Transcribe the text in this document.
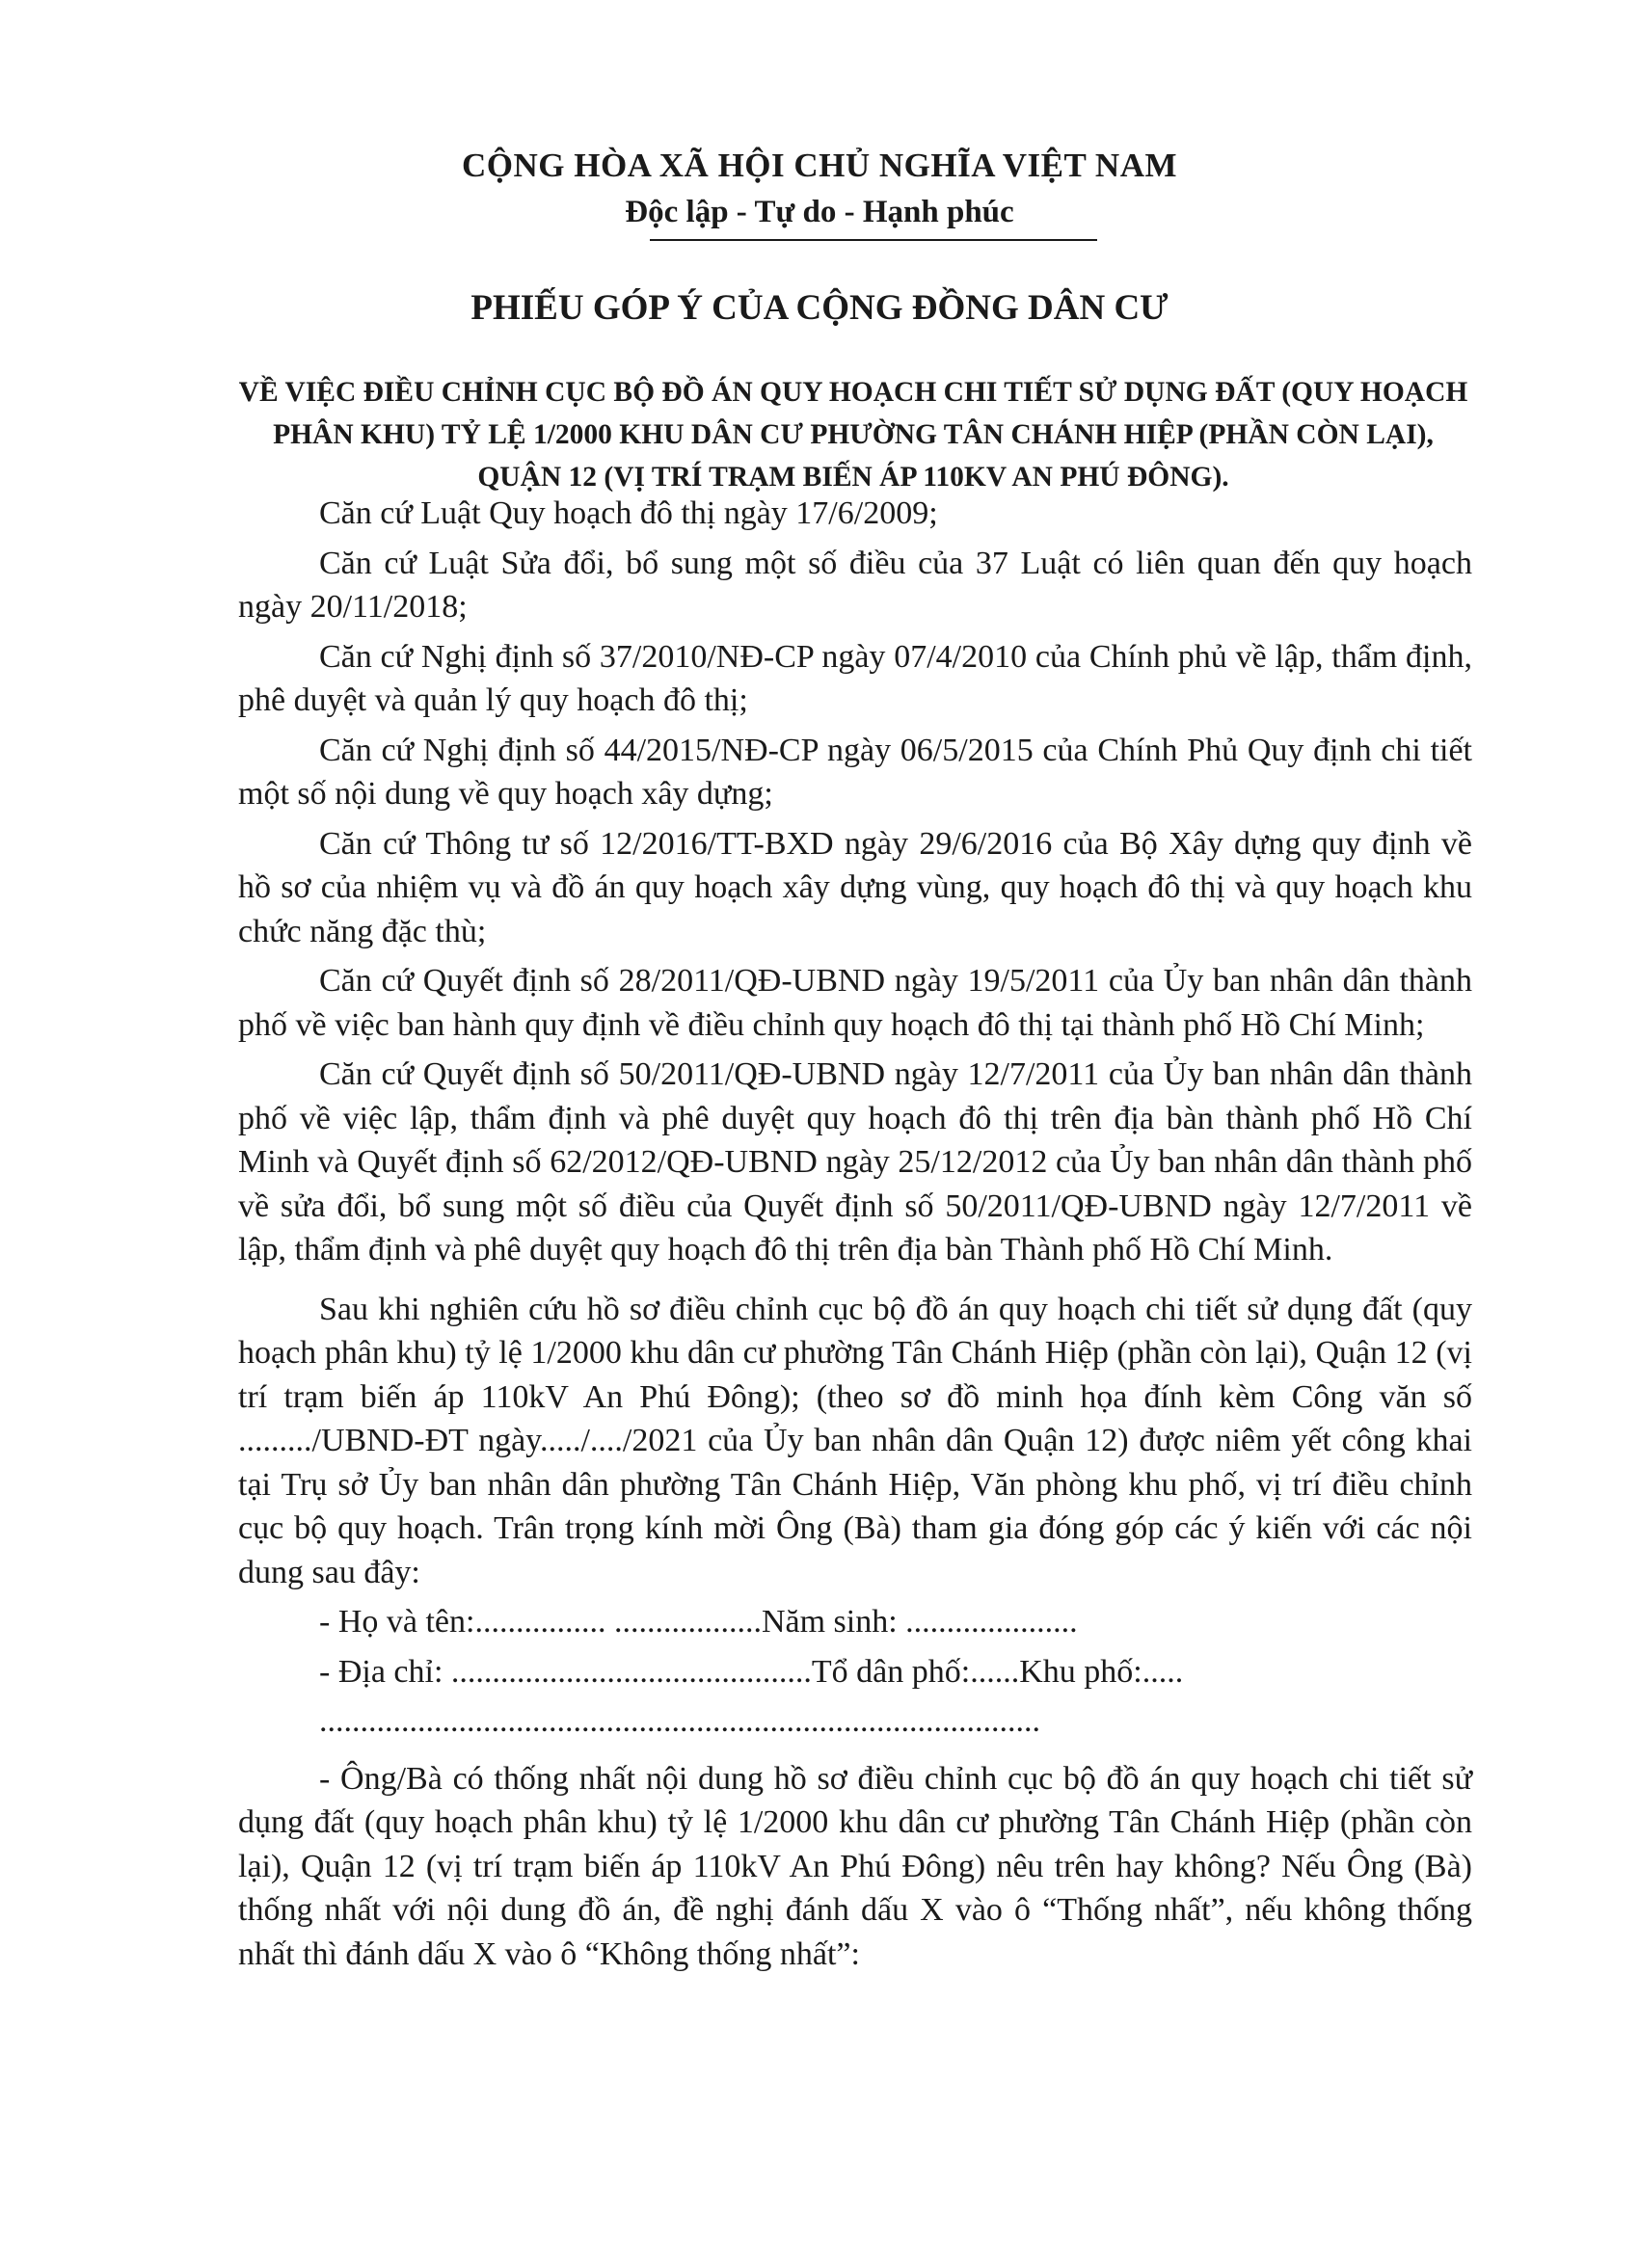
CỘNG HÒA XÃ HỘI CHỦ NGHĨA VIỆT NAM
Độc lập - Tự do - Hạnh phúc
PHIẾU GÓP Ý CỦA CỘNG ĐỒNG DÂN CƯ
VỀ VIỆC ĐIỀU CHỈNH CỤC BỘ ĐỒ ÁN QUY HOẠCH CHI TIẾT SỬ DỤNG ĐẤT (QUY HOẠCH PHÂN KHU) TỶ LỆ 1/2000 KHU DÂN CƯ PHƯỜNG TÂN CHÁNH HIỆP (PHẦN CÒN LẠI), QUẬN 12 (VỊ TRÍ TRẠM BIẾN ÁP 110KV AN PHÚ ĐÔNG).

Căn cứ Luật Quy hoạch đô thị ngày 17/6/2009;

Căn cứ Luật Sửa đổi, bổ sung một số điều của 37 Luật có liên quan đến quy hoạch ngày 20/11/2018;

Căn cứ Nghị định số 37/2010/NĐ-CP ngày 07/4/2010 của Chính phủ về lập, thẩm định, phê duyệt và quản lý quy hoạch đô thị;

Căn cứ Nghị định số 44/2015/NĐ-CP ngày 06/5/2015 của Chính Phủ Quy định chi tiết một số nội dung về quy hoạch xây dựng;

Căn cứ Thông tư số 12/2016/TT-BXD ngày 29/6/2016 của Bộ Xây dựng quy định về hồ sơ của nhiệm vụ và đồ án quy hoạch xây dựng vùng, quy hoạch đô thị và quy hoạch khu chức năng đặc thù;

Căn cứ Quyết định số 28/2011/QĐ-UBND ngày 19/5/2011 của Ủy ban nhân dân thành phố về việc ban hành quy định về điều chỉnh quy hoạch đô thị tại thành phố Hồ Chí Minh;

Căn cứ Quyết định số 50/2011/QĐ-UBND ngày 12/7/2011 của Ủy ban nhân dân thành phố về việc lập, thẩm định và phê duyệt quy hoạch đô thị trên địa bàn thành phố Hồ Chí Minh và Quyết định số 62/2012/QĐ-UBND ngày 25/12/2012 của Ủy ban nhân dân thành phố về sửa đổi, bổ sung một số điều của Quyết định số 50/2011/QĐ-UBND ngày 12/7/2011 về lập, thẩm định và phê duyệt quy hoạch đô thị trên địa bàn Thành phố Hồ Chí Minh.

Sau khi nghiên cứu hồ sơ điều chỉnh cục bộ đồ án quy hoạch chi tiết sử dụng đất (quy hoạch phân khu) tỷ lệ 1/2000 khu dân cư phường Tân Chánh Hiệp (phần còn lại), Quận 12 (vị trí trạm biến áp 110kV An Phú Đông); (theo sơ đồ minh họa đính kèm Công văn số ........./UBND-ĐT ngày...../..../2021 của Ủy ban nhân dân Quận 12) được niêm yết công khai tại Trụ sở Ủy ban nhân dân phường Tân Chánh Hiệp, Văn phòng khu phố, vị trí điều chỉnh cục bộ quy hoạch. Trân trọng kính mời Ông (Bà) tham gia đóng góp các ý kiến với các nội dung sau đây:

- Họ và tên:................ ..................Năm sinh: .....................
- Địa chỉ: ............................................Tổ dân phố:......Khu phố:.....
........................................................................................

- Ông/Bà có thống nhất nội dung hồ sơ điều chỉnh cục bộ đồ án quy hoạch chi tiết sử dụng đất (quy hoạch phân khu) tỷ lệ 1/2000 khu dân cư phường Tân Chánh Hiệp (phần còn lại), Quận 12 (vị trí trạm biến áp 110kV An Phú Đông) nêu trên hay không? Nếu Ông (Bà) thống nhất với nội dung đồ án, đề nghị đánh dấu X vào ô “Thống nhất”, nếu không thống nhất thì đánh dấu X vào ô “Không thống nhất”:
